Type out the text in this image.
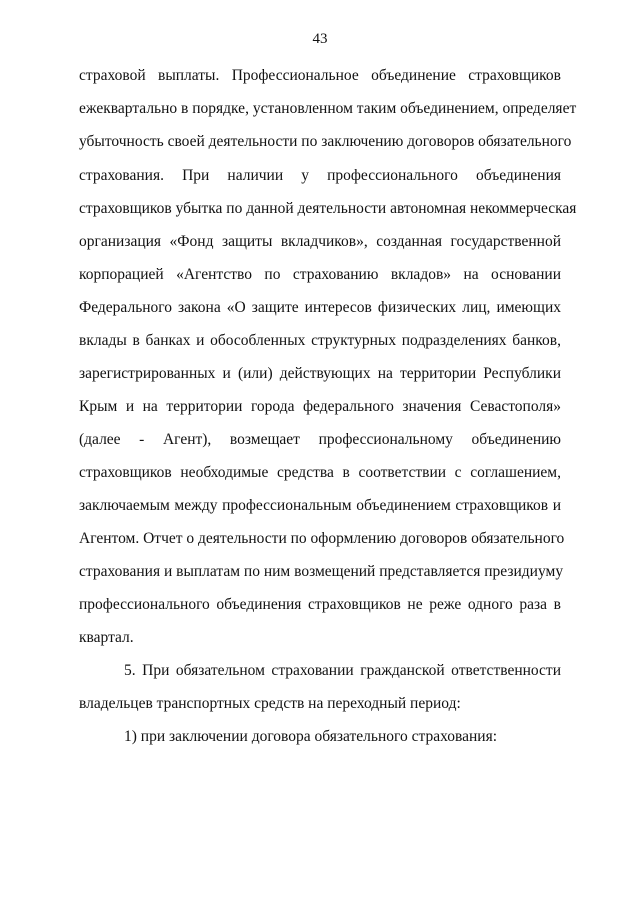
43
страховой выплаты. Профессиональное объединение страховщиков
ежеквартально в порядке, установленном таким объединением, определяет
убыточность своей деятельности по заключению договоров обязательного
страхования. При наличии у профессионального объединения
страховщиков убытка по данной деятельности автономная некоммерческая
организация «Фонд защиты вкладчиков», созданная государственной
корпорацией «Агентство по страхованию вкладов» на основании
Федерального закона «О защите интересов физических лиц, имеющих
вклады в банках и обособленных структурных подразделениях банков,
зарегистрированных и (или) действующих на территории Республики
Крым и на территории города федерального значения Севастополя»
(далее - Агент), возмещает профессиональному объединению
страховщиков необходимые средства в соответствии с соглашением,
заключаемым между профессиональным объединением страховщиков и
Агентом. Отчет о деятельности по оформлению договоров обязательного
страхования и выплатам по ним возмещений представляется президиуму
профессионального объединения страховщиков не реже одного раза в
квартал.
5. При обязательном страховании гражданской ответственности
владельцев транспортных средств на переходный период:
1) при заключении договора обязательного страхования:
